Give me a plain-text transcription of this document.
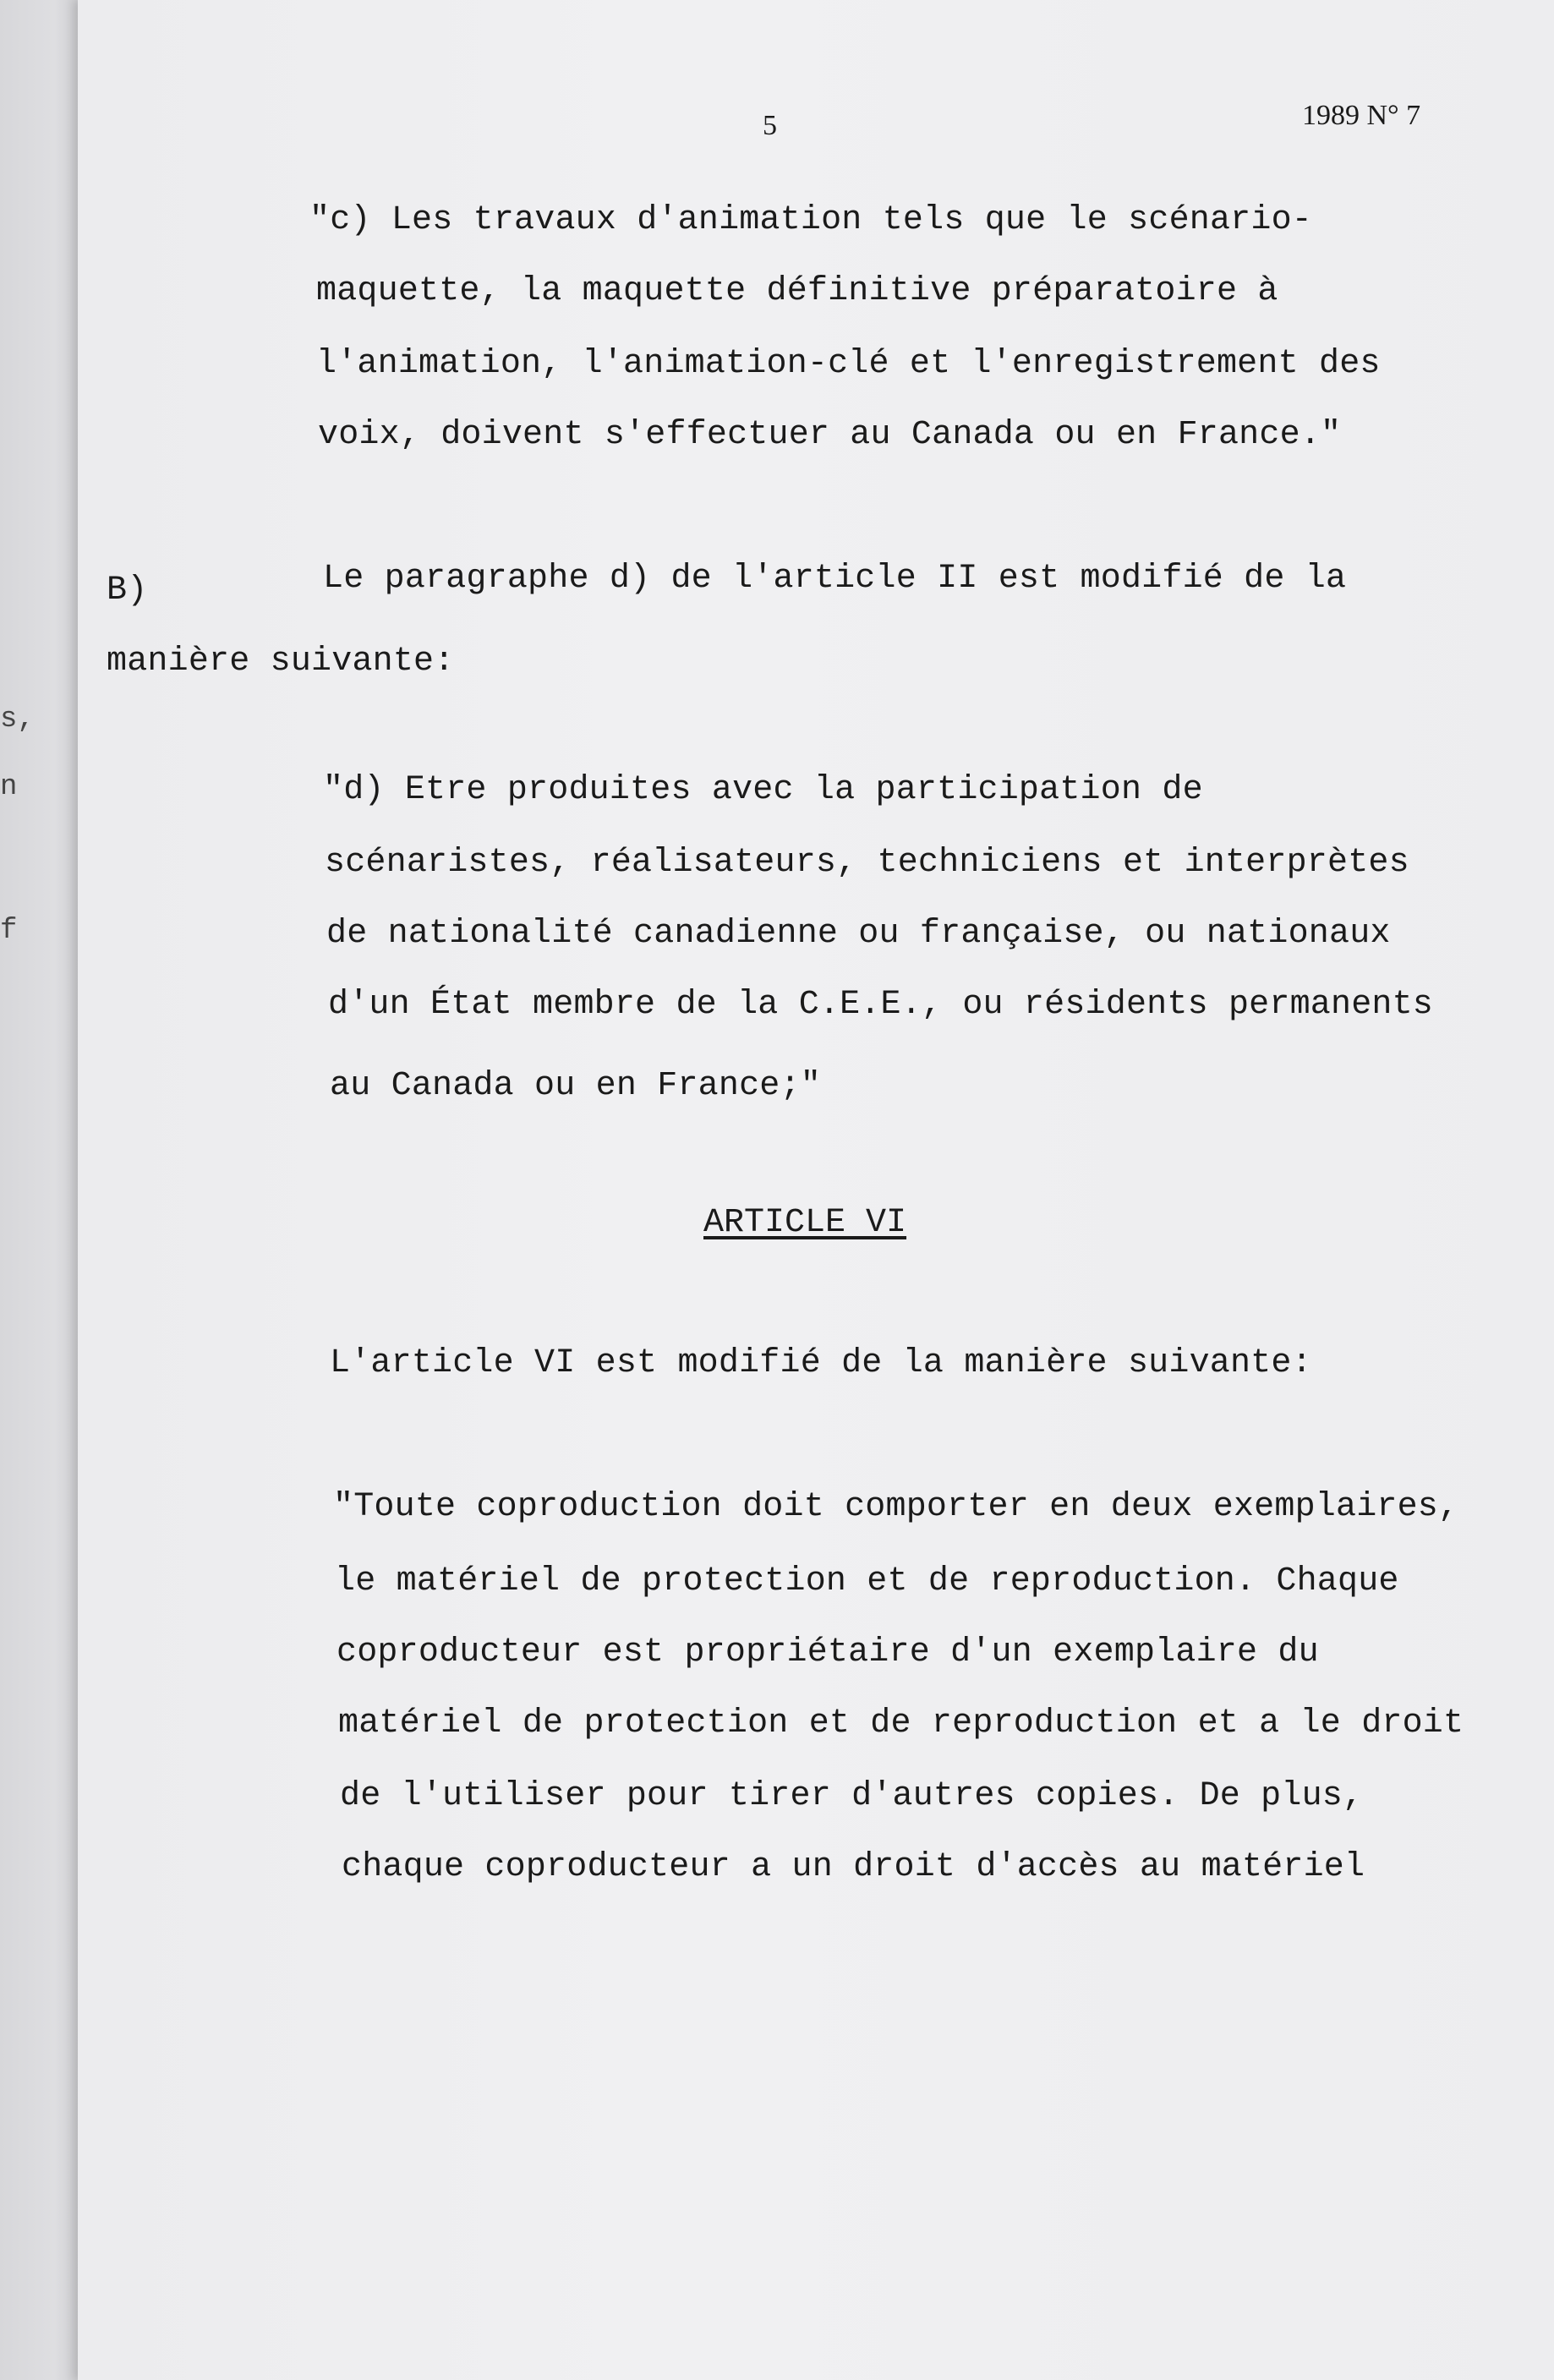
s,
n
f
5	1989 N° 7
"c) Les travaux d'animation tels que le scénario-
maquette, la maquette définitive préparatoire à
l'animation, l'animation-clé et l'enregistrement des
voix, doivent s'effectuer au Canada ou en France."
B)	Le paragraphe d) de l'article II est modifié de la
manière suivante:
"d) Etre produites avec la participation de
scénaristes, réalisateurs, techniciens et interprètes
de nationalité canadienne ou française, ou nationaux
d'un État membre de la C.E.E., ou résidents permanents
au Canada ou en France;"
ARTICLE VI
L'article VI est modifié de la manière suivante:
"Toute coproduction doit comporter en deux exemplaires,
le matériel de protection et de reproduction. Chaque
coproducteur est propriétaire d'un exemplaire du
matériel de protection et de reproduction et a le droit
de l'utiliser pour tirer d'autres copies. De plus,
chaque coproducteur a un droit d'accès au matériel
